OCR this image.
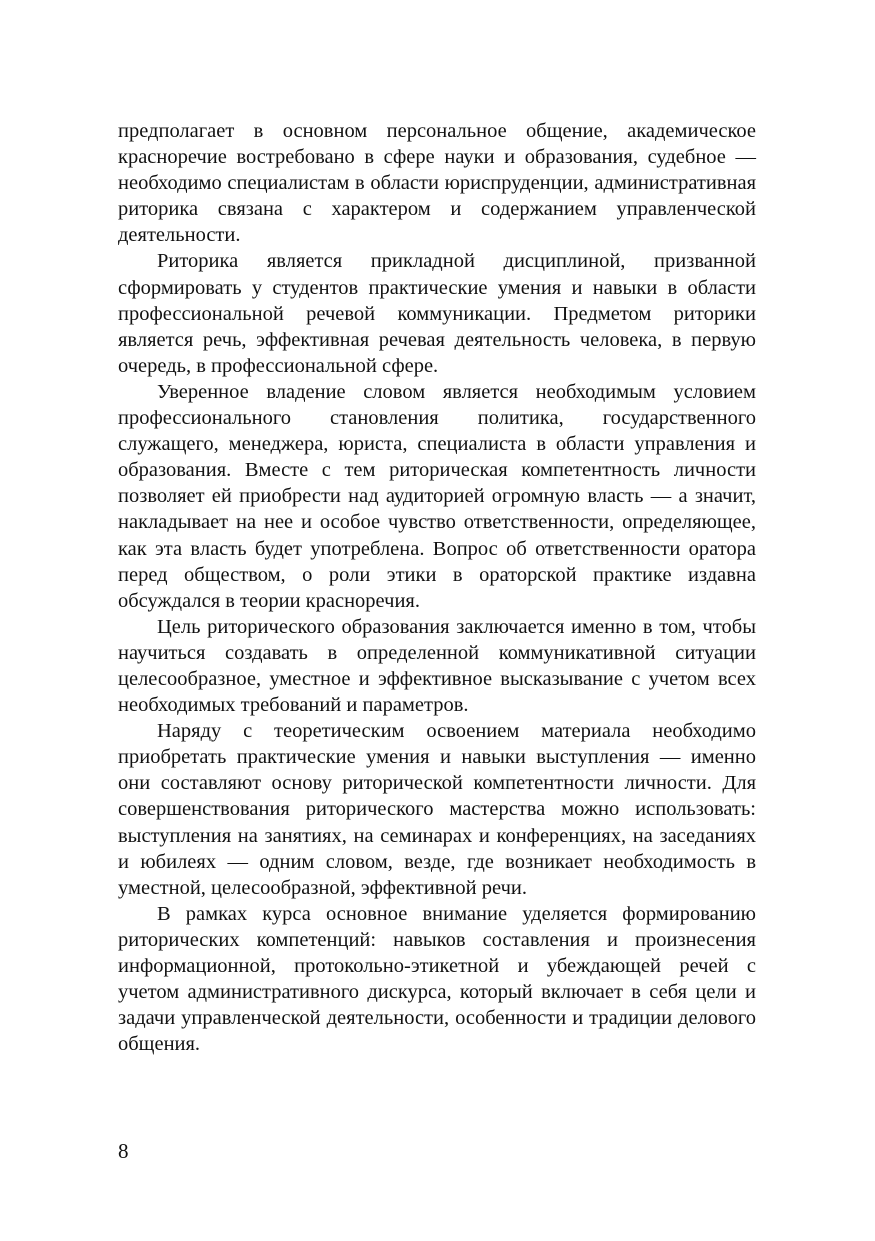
предполагает в основном персональное общение, академическое красноречие востребовано в сфере науки и образования, судебное — необходимо специалистам в области юриспруденции, административная риторика связана с характером и содержанием управленческой деятельности.

Риторика является прикладной дисциплиной, призванной сформировать у студентов практические умения и навыки в области профессиональной речевой коммуникации. Предметом риторики является речь, эффективная речевая деятельность человека, в первую очередь, в профессиональной сфере.

Уверенное владение словом является необходимым условием профессионального становления политика, государственного служащего, менеджера, юриста, специалиста в области управления и образования. Вместе с тем риторическая компетентность личности позволяет ей приобрести над аудиторией огромную власть — а значит, накладывает на нее и особое чувство ответственности, определяющее, как эта власть будет употреблена. Вопрос об ответственности оратора перед обществом, о роли этики в ораторской практике издавна обсуждался в теории красноречия.

Цель риторического образования заключается именно в том, чтобы научиться создавать в определенной коммуникативной ситуации целесообразное, уместное и эффективное высказывание с учетом всех необходимых требований и параметров.

Наряду с теоретическим освоением материала необходимо приобретать практические умения и навыки выступления — именно они составляют основу риторической компетентности личности. Для совершенствования риторического мастерства можно использовать: выступления на занятиях, на семинарах и конференциях, на заседаниях и юбилеях — одним словом, везде, где возникает необходимость в уместной, целесообразной, эффективной речи.

В рамках курса основное внимание уделяется формированию риторических компетенций: навыков составления и произнесения информационной, протокольно-этикетной и убеждающей речей с учетом административного дискурса, который включает в себя цели и задачи управленческой деятельности, особенности и традиции делового общения.

8
